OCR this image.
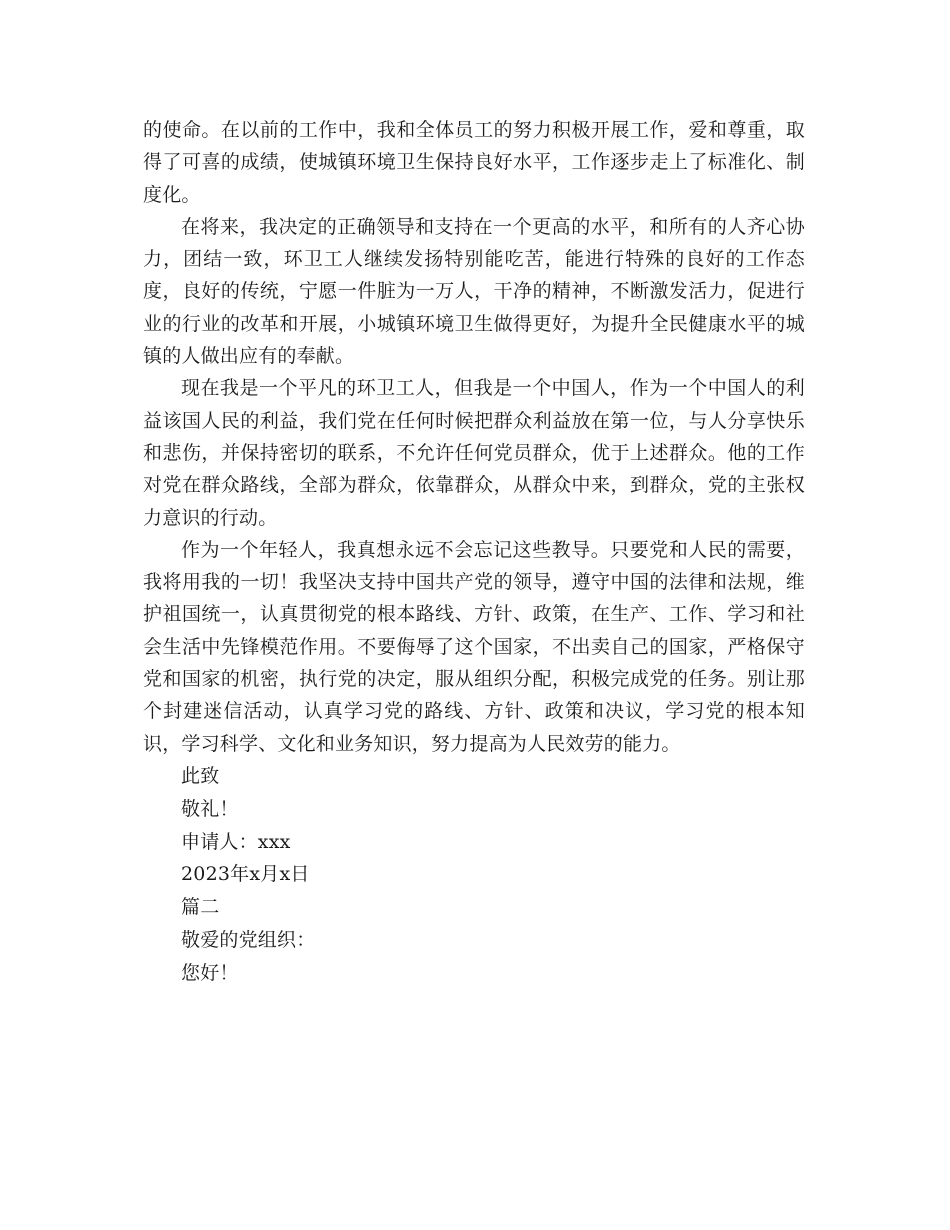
的使命。在以前的工作中，我和全体员工的努力积极开展工作，爱和尊重，取得了可喜的成绩，使城镇环境卫生保持良好水平，工作逐步走上了标准化、制度化。

在将来，我决定的正确领导和支持在一个更高的水平，和所有的人齐心协力，团结一致，环卫工人继续发扬特别能吃苦，能进行特殊的良好的工作态度，良好的传统，宁愿一件脏为一万人，干净的精神，不断激发活力，促进行业的行业的改革和开展，小城镇环境卫生做得更好，为提升全民健康水平的城镇的人做出应有的奉献。

现在我是一个平凡的环卫工人，但我是一个中国人，作为一个中国人的利益该国人民的利益，我们党在任何时候把群众利益放在第一位，与人分享快乐和悲伤，并保持密切的联系，不允许任何党员群众，优于上述群众。他的工作对党在群众路线，全部为群众，依靠群众，从群众中来，到群众，党的主张权力意识的行动。

作为一个年轻人，我真想永远不会忘记这些教导。只要党和人民的需要，我将用我的一切！我坚决支持中国共产党的领导，遵守中国的法律和法规，维护祖国统一，认真贯彻党的根本路线、方针、政策，在生产、工作、学习和社会生活中先锋模范作用。不要侮辱了这个国家，不出卖自己的国家，严格保守党和国家的机密，执行党的决定，服从组织分配，积极完成党的任务。别让那个封建迷信活动，认真学习党的路线、方针、政策和决议，学习党的根本知识，学习科学、文化和业务知识，努力提高为人民效劳的能力。

此致

敬礼！

申请人：xxx

2023年x月x日

篇二

敬爱的党组织：

您好！
